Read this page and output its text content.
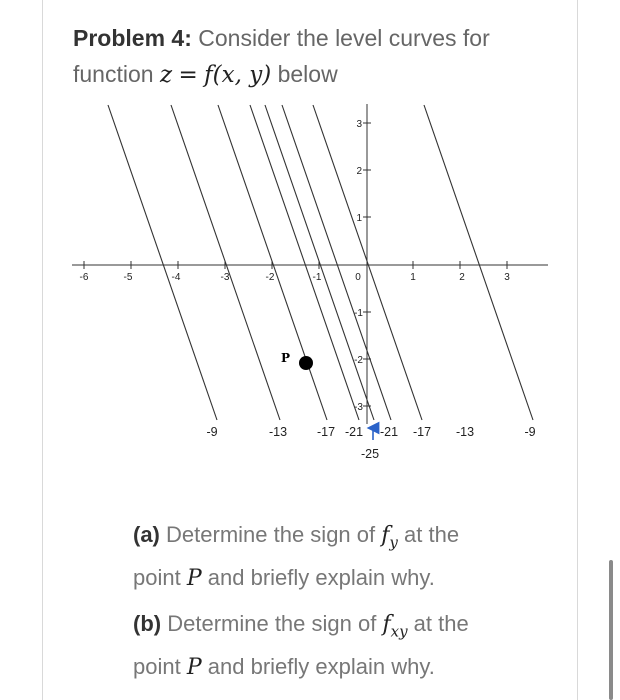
Problem 4: Consider the level curves for
function z = f(x, y) below
-6	-5	-4	-3	-2	-1	0	1	2	3
3
2
1
-1
-2
-3
P
-9	-13 -17 -21 -21 -17 -13	-9
-25
(a) Determine the sign of $f_y$ at the
point P and briefly explain why.
(b) Determine the sign of $f_{xy}$ at the
point P and briefly explain why.
